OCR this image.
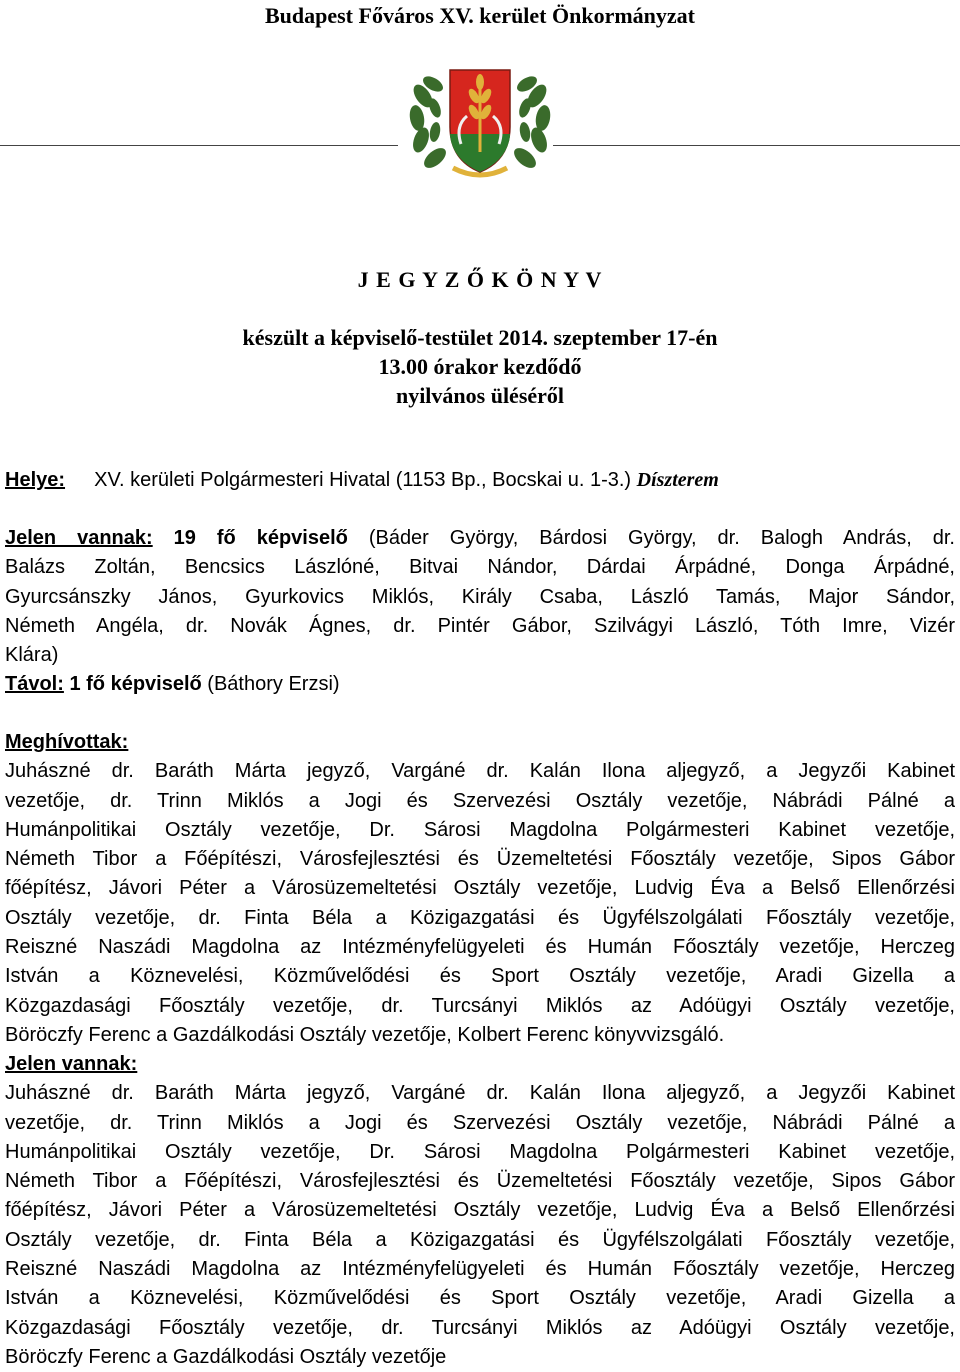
Budapest Főváros XV. kerület Önkormányzat
J E G Y Z Ő K Ö N Y V
készült a képviselő-testület 2014. szeptember 17-én
13.00 órakor kezdődő
nyilvános üléséről
Helye: XV. kerületi Polgármesteri Hivatal (1153 Bp., Bocskai u. 1-3.) Díszterem
Jelen vannak: 19 fő képviselő (Báder György, Bárdosi György, dr. Balogh András, dr.
Balázs Zoltán, Bencsics Lászlóné, Bitvai Nándor, Dárdai Árpádné, Donga Árpádné,
Gyurcsánszky János, Gyurkovics Miklós, Király Csaba, László Tamás, Major Sándor,
Németh Angéla, dr. Novák Ágnes, dr. Pintér Gábor, Szilvágyi László, Tóth Imre, Vizér
Klára)
Távol: 1 fő képviselő (Báthory Erzsi)
Meghívottak:
Juhászné dr. Baráth Márta jegyző, Vargáné dr. Kalán Ilona aljegyző, a Jegyzői Kabinet
vezetője, dr. Trinn Miklós a Jogi és Szervezési Osztály vezetője, Nábrádi Pálné a
Humánpolitikai Osztály vezetője, Dr. Sárosi Magdolna Polgármesteri Kabinet vezetője,
Németh Tibor a Főépítészi, Városfejlesztési és Üzemeltetési Főosztály vezetője, Sipos Gábor
főépítész, Jávori Péter a Városüzemeltetési Osztály vezetője, Ludvig Éva a Belső Ellenőrzési
Osztály vezetője, dr. Finta Béla a Közigazgatási és Ügyfélszolgálati Főosztály vezetője,
Reiszné Naszádi Magdolna az Intézményfelügyeleti és Humán Főosztály vezetője, Herczeg
István a Köznevelési, Közművelődési és Sport Osztály vezetője, Aradi Gizella a
Közgazdasági Főosztály vezetője, dr. Turcsányi Miklós az Adóügyi Osztály vezetője,
Böröczfy Ferenc a Gazdálkodási Osztály vezetője, Kolbert Ferenc könyvvizsgáló.
Jelen vannak:
Juhászné dr. Baráth Márta jegyző, Vargáné dr. Kalán Ilona aljegyző, a Jegyzői Kabinet
vezetője, dr. Trinn Miklós a Jogi és Szervezési Osztály vezetője, Nábrádi Pálné a
Humánpolitikai Osztály vezetője, Dr. Sárosi Magdolna Polgármesteri Kabinet vezetője,
Németh Tibor a Főépítészi, Városfejlesztési és Üzemeltetési Főosztály vezetője, Sipos Gábor
főépítész, Jávori Péter a Városüzemeltetési Osztály vezetője, Ludvig Éva a Belső Ellenőrzési
Osztály vezetője, dr. Finta Béla a Közigazgatási és Ügyfélszolgálati Főosztály vezetője,
Reiszné Naszádi Magdolna az Intézményfelügyeleti és Humán Főosztály vezetője, Herczeg
István a Köznevelési, Közművelődési és Sport Osztály vezetője, Aradi Gizella a
Közgazdasági Főosztály vezetője, dr. Turcsányi Miklós az Adóügyi Osztály vezetője,
Böröczfy Ferenc a Gazdálkodási Osztály vezetője
